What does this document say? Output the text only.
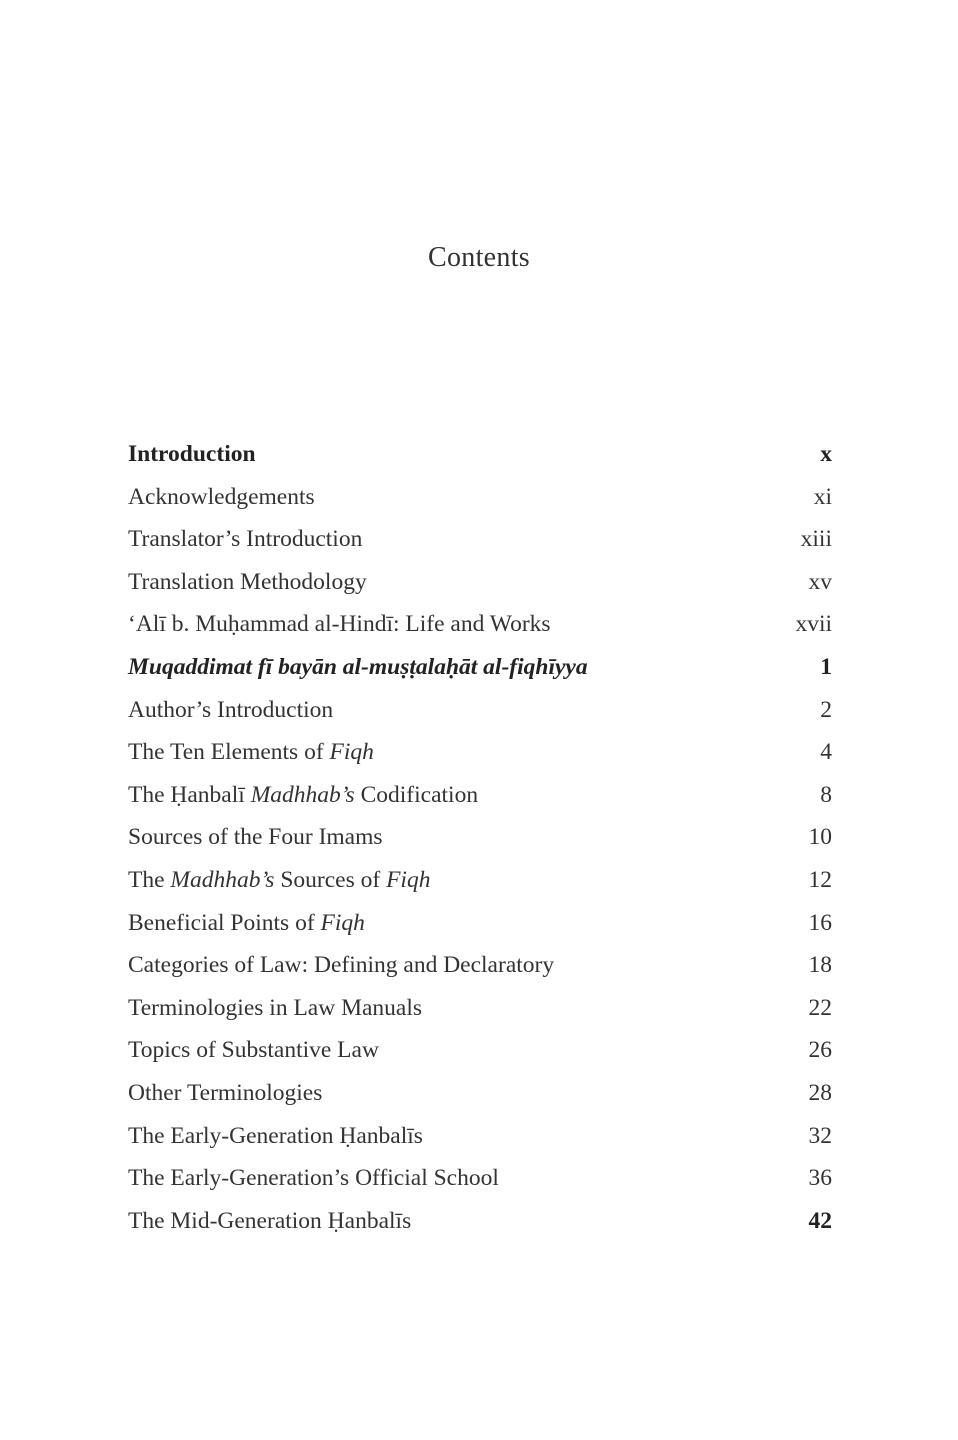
Contents
Introduction	x
Acknowledgements	xi
Translator’s Introduction	xiii
Translation Methodology	xv
‘Alī b. Muḥammad al-Hindī: Life and Works	xvii
Muqaddimat fī bayān al-muṣṭalaḥāt al-fiqhīyya	1
Author’s Introduction	2
The Ten Elements of Fiqh	4
The Ḥanbalī Madhhab’s Codification	8
Sources of the Four Imams	10
The Madhhab’s Sources of Fiqh	12
Beneficial Points of Fiqh	16
Categories of Law: Defining and Declaratory	18
Terminologies in Law Manuals	22
Topics of Substantive Law	26
Other Terminologies	28
The Early-Generation Ḥanbalīs	32
The Early-Generation’s Official School	36
The Mid-Generation Ḥanbalīs	42
